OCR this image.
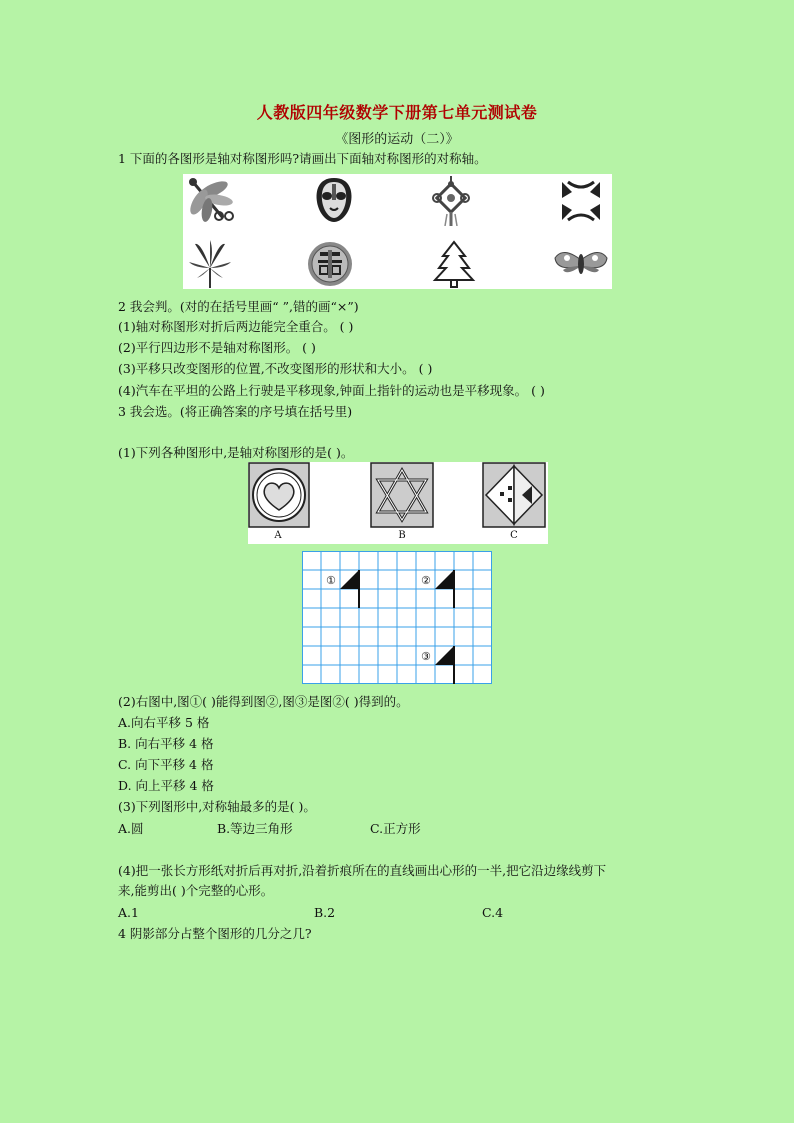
人教版四年级数学下册第七单元测试卷
《图形的运动（二）》
1 下面的各图形是轴对称图形吗?请画出下面轴对称图形的对称轴。
2 我会判。(对的在括号里画“ ”,错的画“×”)
(1)轴对称图形对折后两边能完全重合。 ( )
(2)平行四边形不是轴对称图形。 ( )
(3)平移只改变图形的位置,不改变图形的形状和大小。 ( )
(4)汽车在平坦的公路上行驶是平移现象,钟面上指针的运动也是平移现象。 ( )
3 我会选。(将正确答案的序号填在括号里)
(1)下列各种图形中,是轴对称图形的是( )。
A	B	C
①	②
③
(2)右图中,图①( )能得到图②,图③是图②( )得到的。
A.向右平移 5 格
B. 向右平移 4 格
C. 向下平移 4 格
D. 向上平移 4 格
(3)下列图形中,对称轴最多的是( )。
A.圆	B.等边三角形	C.正方形
(4)把一张长方形纸对折后再对折,沿着折痕所在的直线画出心形的一半,把它沿边缘线剪下
来,能剪出( )个完整的心形。
A.1	B.2	C.4
4 阴影部分占整个图形的几分之几?
